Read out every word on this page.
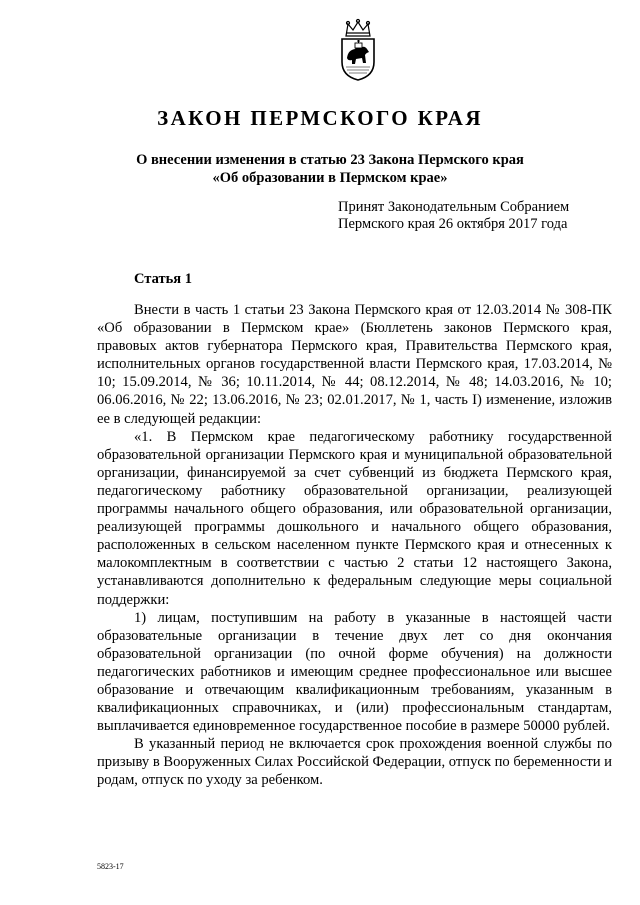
ЗАКОН ПЕРМСКОГО КРАЯ
О внесении изменения в статью 23 Закона Пермского края
«Об образовании в Пермском крае»
Принят Законодательным Собранием
Пермского края 26 октября 2017 года
Статья 1

Внести в часть 1 статьи 23 Закона Пермского края от 12.03.2014 № 308-ПК «Об образовании в Пермском крае» (Бюллетень законов Пермского края, правовых актов губернатора Пермского края, Правительства Пермского края, исполнительных органов государственной власти Пермского края, 17.03.2014, № 10; 15.09.2014, № 36; 10.11.2014, № 44; 08.12.2014, № 48; 14.03.2016, № 10; 06.06.2016, № 22; 13.06.2016, № 23; 02.01.2017, № 1, часть I) изменение, изложив ее в следующей редакции:

«1. В Пермском крае педагогическому работнику государственной образовательной организации Пермского края и муниципальной образовательной организации, финансируемой за счет субвенций из бюджета Пермского края, педагогическому работнику образовательной организации, реализующей программы начального общего образования, или образовательной организации, реализующей программы дошкольного и начального общего образования, расположенных в сельском населенном пункте Пермского края и отнесенных к малокомплектным в соответствии с частью 2 статьи 12 настоящего Закона, устанавливаются дополнительно к федеральным следующие меры социальной поддержки:

1) лицам, поступившим на работу в указанные в настоящей части образовательные организации в течение двух лет со дня окончания образовательной организации (по очной форме обучения) на должности педагогических работников и имеющим среднее профессиональное или высшее образование и отвечающим квалификационным требованиям, указанным в квалификационных справочниках, и (или) профессиональным стандартам, выплачивается единовременное государственное пособие в размере 50000 рублей.

В указанный период не включается срок прохождения военной службы по призыву в Вооруженных Силах Российской Федерации, отпуск по беременности и родам, отпуск по уходу за ребенком.

5823-17
